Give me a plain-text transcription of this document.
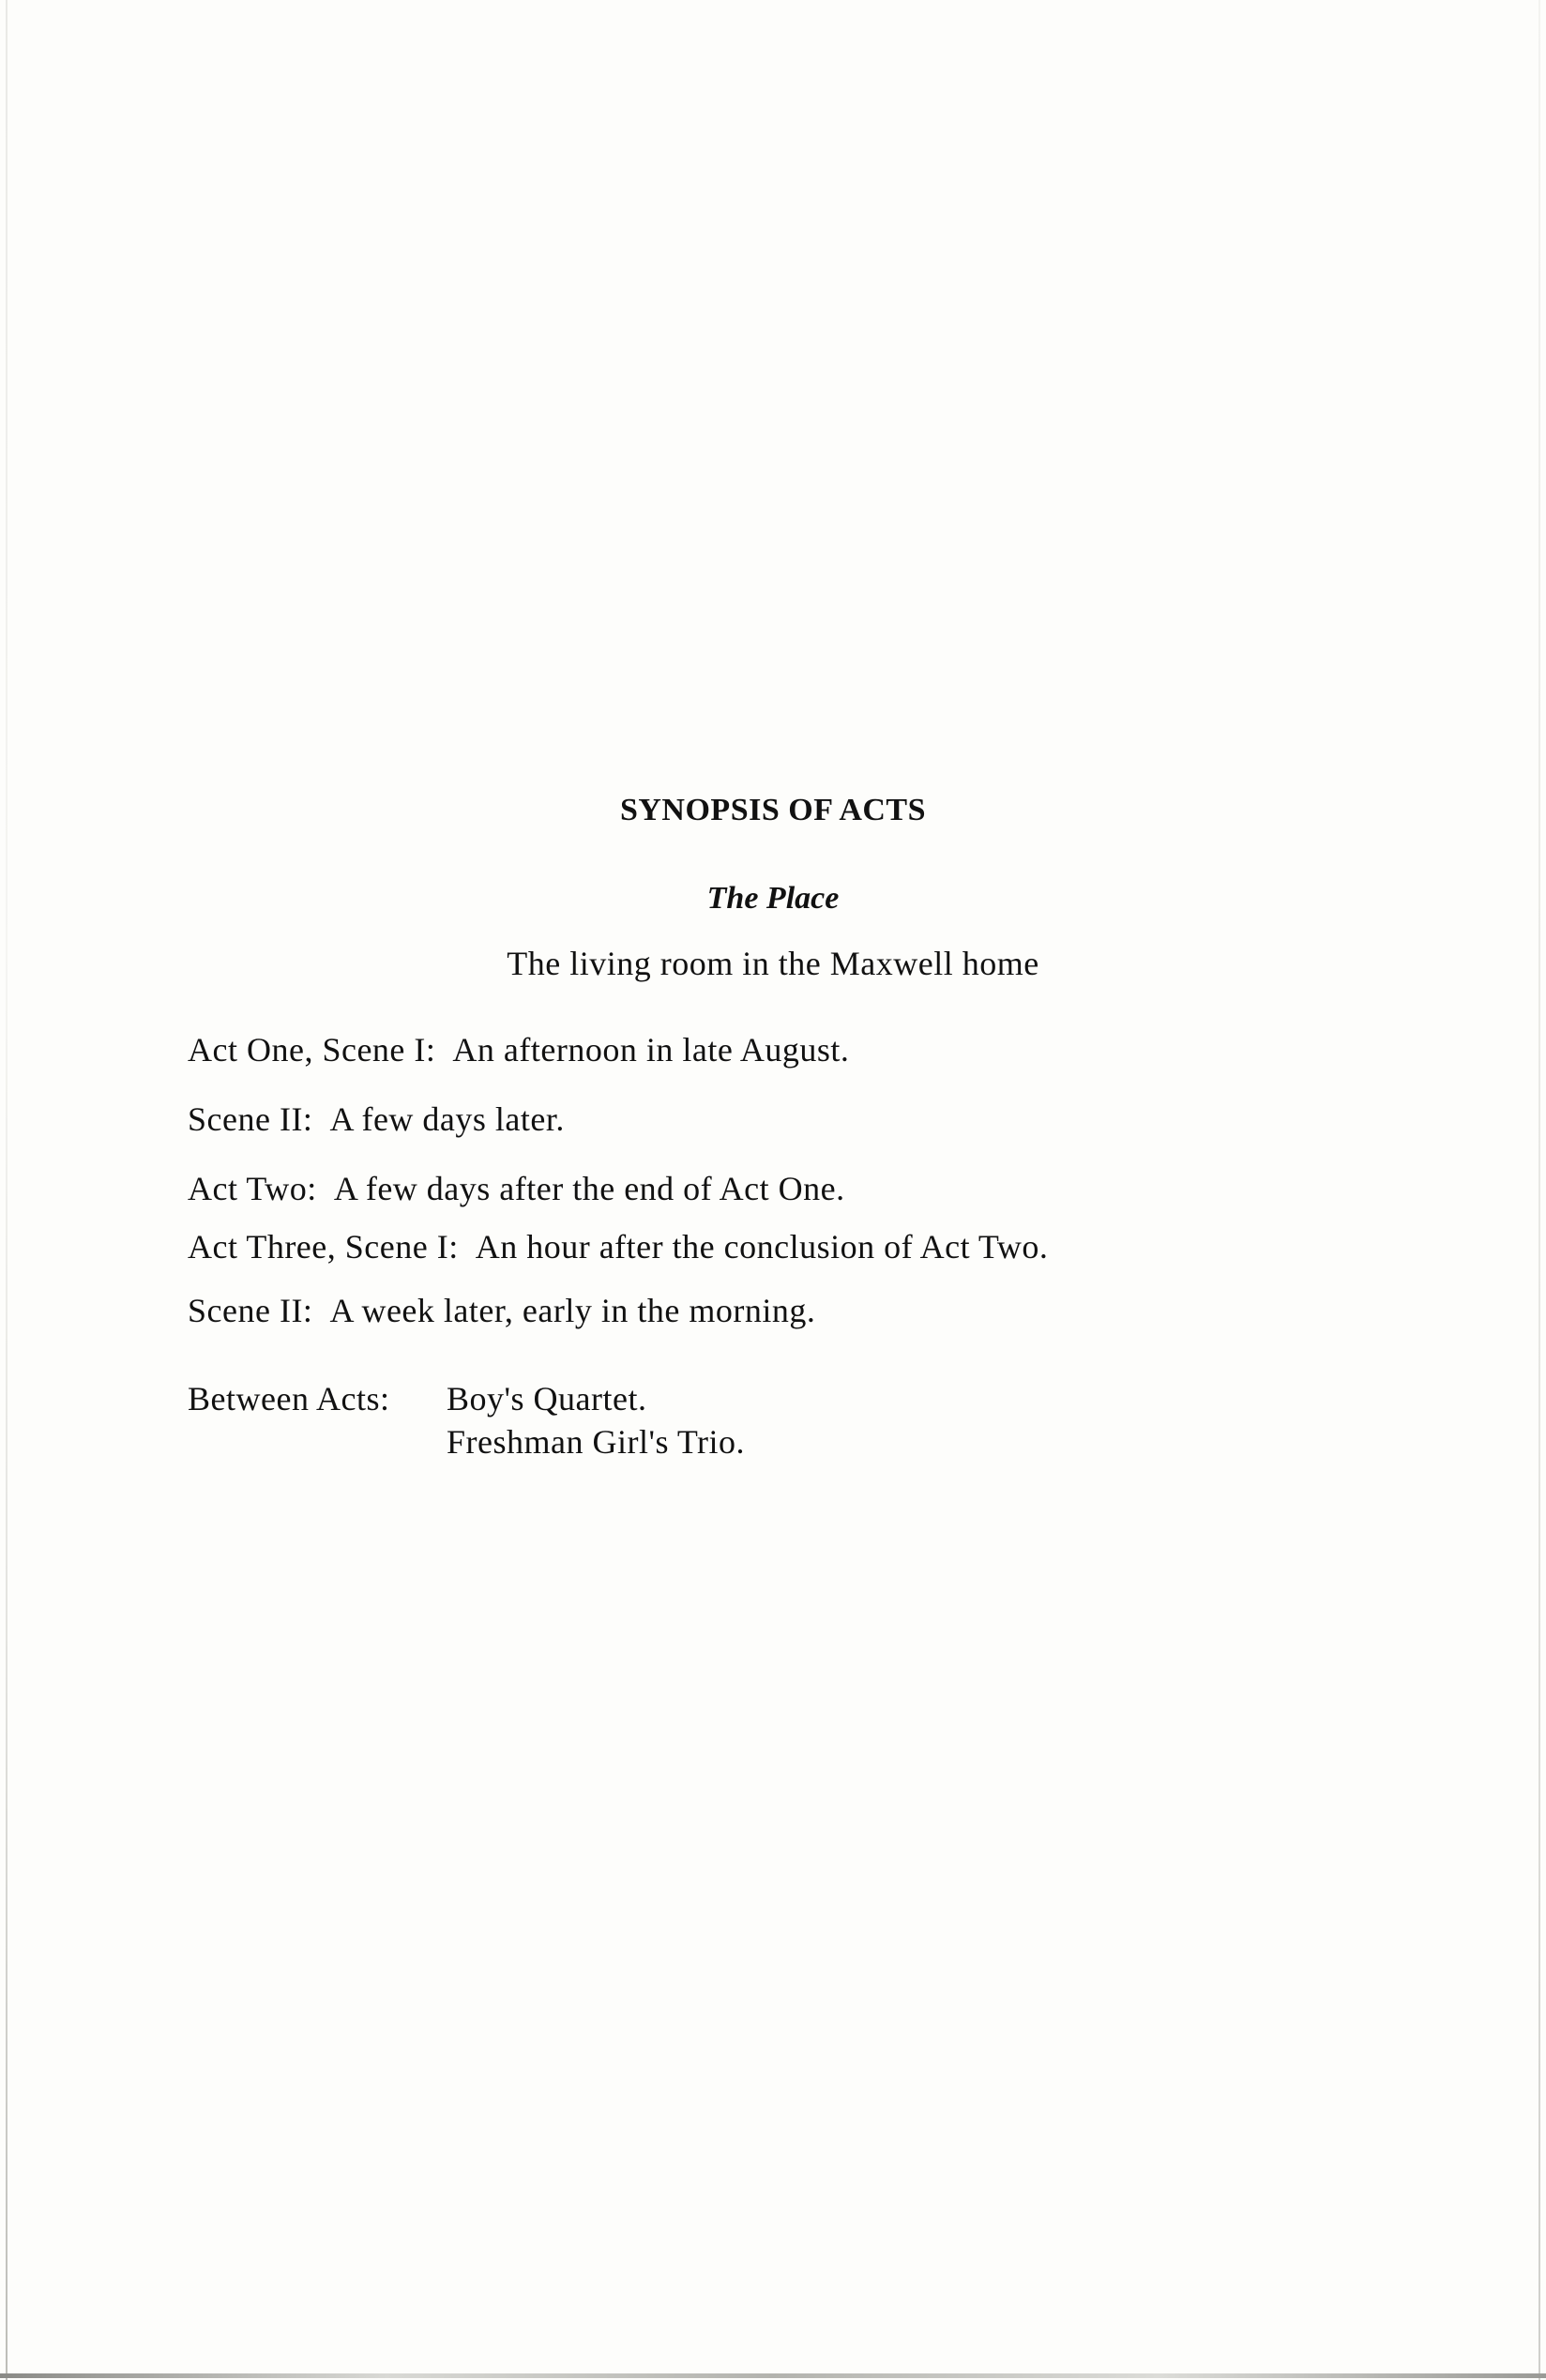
SYNOPSIS OF ACTS
The Place
The living room in the Maxwell home
Act One, Scene I: An afternoon in late August.
Scene II: A few days later.
Act Two: A few days after the end of Act One.
Act Three, Scene I: An hour after the conclusion of Act Two.
Scene II: A week later, early in the morning.
Between Acts: Boy's Quartet.
Freshman Girl's Trio.
